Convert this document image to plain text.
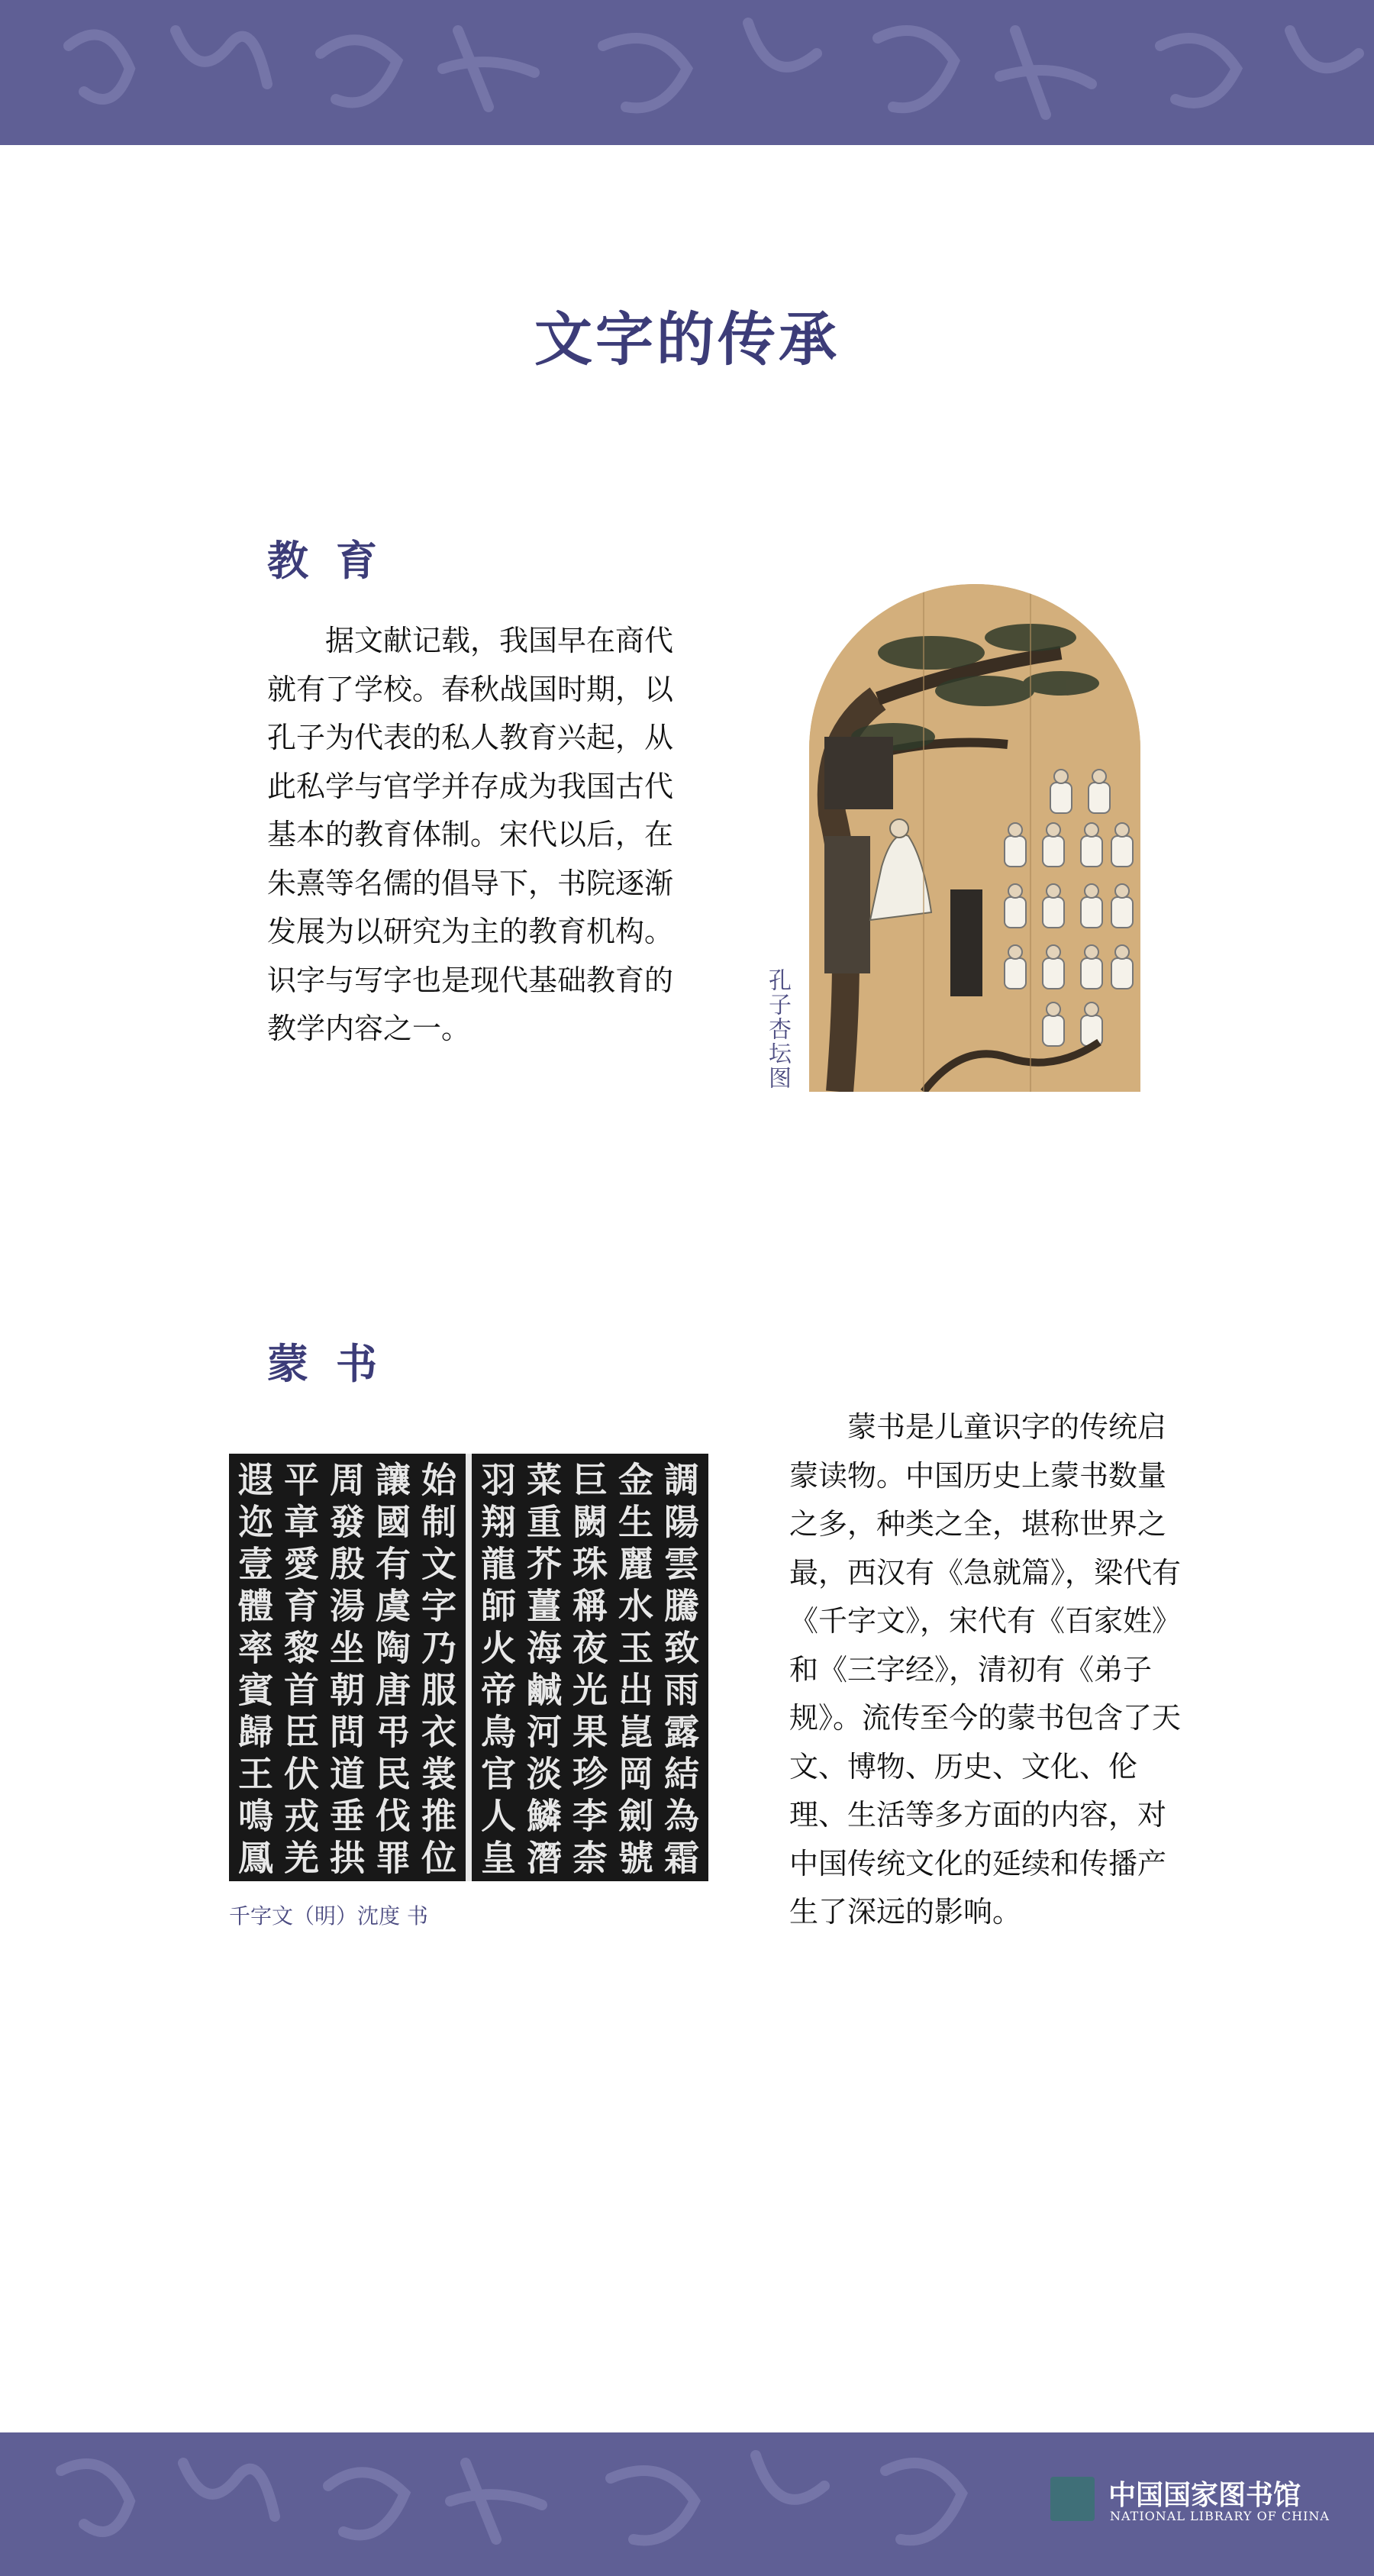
文字的传承
教育

据文献记载，我国早在商代就有了学校。春秋战国时期，以孔子为代表的私人教育兴起，从此私学与官学并存成为我国古代基本的教育体制。宋代以后，在朱熹等名儒的倡导下，书院逐渐发展为以研究为主的教育机构。识字与写字也是现代基础教育的教学内容之一。	孔子杏坛图
蒙书
遐迩壹體率賓歸王鳴鳳 平章愛育黎首臣伏戎羌 周發殷湯坐朝問道垂拱 讓國有虞陶唐弔民伐罪 始制文字乃服衣裳推位 羽翔龍師火帝鳥官人皇 菜重芥薑海鹹河淡鱗潛 巨闕珠稱夜光果珍李柰 金生麗水玉出崑岡劍號 調陽雲騰致雨露結為霜
千字文（明）沈度 书

蒙书是儿童识字的传统启蒙读物。中国历史上蒙书数量之多，种类之全，堪称世界之最，西汉有《急就篇》，梁代有《千字文》，宋代有《百家姓》和《三字经》，清初有《弟子规》。流传至今的蒙书包含了天文、博物、历史、文化、伦理、生活等多方面的内容，对中国传统文化的延续和传播产生了深远的影响。

中国国家图书馆
NATIONAL LIBRARY OF CHINA
